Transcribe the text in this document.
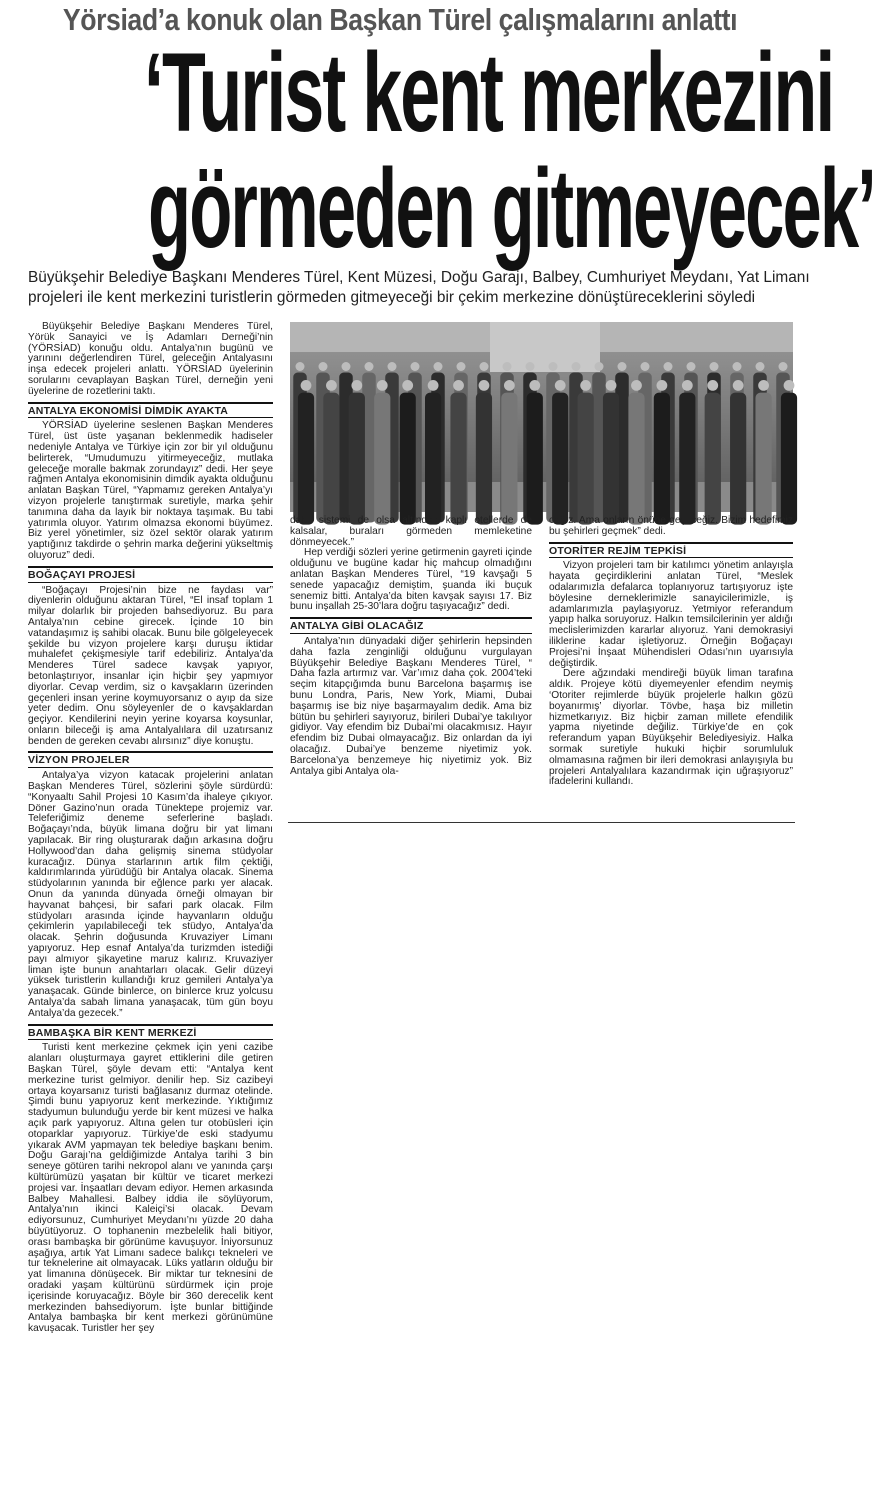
Yörsiad’a konuk olan Başkan Türel çalışmalarını anlattı
‘Turist kent merkezini
görmeden gitmeyecek’

Büyükşehir Belediye Başkanı Menderes Türel, Kent Müzesi, Doğu Garajı, Balbey, Cumhuriyet Meydanı, Yat Limanı

projeleri ile kent merkezini turistlerin görmeden gitmeyeceği bir çekim merkezine dönüştüreceklerini söyledi

Büyükşehir Belediye Başkanı Menderes Türel, Yörük Sanayici ve İş Adamları Derneği’nin (YÖRSİAD) konuğu oldu. Antalya’nın bugünü ve yarınını değerlendiren Türel, geleceğin Antalyasını inşa edecek projeleri anlattı. YÖRSİAD üyelerinin sorularını cevaplayan Başkan Türel, derneğin yeni üyelerine de rozetlerini taktı.

ANTALYA EKONOMİSİ DİMDİK AYAKTA

YÖRSİAD üyelerine seslenen Başkan Menderes Türel, üst üste yaşanan beklenmedik hadiseler nedeniyle Antalya ve Türkiye için zor bir yıl olduğunu belirterek, “Umudumuzu yitirmeyeceğiz, mutlaka geleceğe moralle bakmak zorundayız” dedi. Her şeye rağmen Antalya ekonomisinin dimdik ayakta olduğunu anlatan Başkan Türel, “Yapmamız gereken Antalya’yı vizyon projelerle tanıştırmak suretiyle, marka şehir tanımına daha da layık bir noktaya taşımak. Bu tabi yatırımla oluyor. Yatırım olmazsa ekonomi büyümez. Biz yerel yönetimler, siz özel sektör olarak yatırım yaptığınız takdirde o şehrin marka değerini yükseltmiş oluyoruz” dedi.

BOĞAÇAYI PROJESİ

“Boğaçayı Projesi’nin bize ne faydası var” diyenlerin olduğunu aktaran Türel, “El insaf toplam 1 milyar dolarlık bir projeden bahsediyoruz. Bu para Antalya’nın cebine girecek. İçinde 10 bin vatandaşımız iş sahibi olacak. Bunu bile gölgeleyecek şekilde bu vizyon projelere karşı duruşu iktidar muhalefet çekişmesiyle tarif edebiliriz. Antalya’da Menderes Türel sadece kavşak yapıyor, betonlaştırıyor, insanlar için hiçbir şey yapmıyor diyorlar. Cevap verdim, siz o kavşakların üzerinden geçenleri insan yerine koymuyorsanız o ayıp da size yeter dedim. Onu söyleyenler de o kavşaklardan geçiyor. Kendilerini neyin yerine koyarsa koysunlar, onların bileceği iş ama Antalyalılara dil uzatırsanız benden de gereken cevabı alırsınız” diye konuştu.

VİZYON PROJELER

Antalya’ya vizyon katacak projelerini anlatan Başkan Menderes Türel, sözlerini şöyle sürdürdü: “Konyaaltı Sahil Projesi 10 Kasım’da ihaleye çıkıyor. Döner Gazino’nun orada Tünektepe projemiz var. Teleferiğimiz deneme seferlerine başladı. Boğaçayı’nda, büyük limana doğru bir yat limanı yapılacak. Bir ring oluşturarak dağın arkasına doğru Hollywood’dan daha gelişmiş sinema stüdyolar kuracağız. Dünya starlarının artık film çektiği, kaldırımlarında yürüdüğü bir Antalya olacak. Sinema stüdyolarının yanında bir eğlence parkı yer alacak. Onun da yanında dünyada örneği olmayan bir hayvanat bahçesi, bir safari park olacak. Film stüdyoları arasında içinde hayvanların olduğu çekimlerin yapılabileceği tek stüdyo, Antalya’da olacak. Şehrin doğusunda Kruvaziyer Limanı yapıyoruz. Hep esnaf Antalya’da turizmden istediği payı almıyor şikayetine maruz kalırız. Kruvaziyer liman işte bunun anahtarları olacak. Gelir düzeyi yüksek turistlerin kullandığı kruz gemileri Antalya’ya yanaşacak. Günde binlerce, on binlerce kruz yolcusu Antalya’da sabah limana yanaşacak, tüm gün boyu Antalya’da gezecek.”

BAMBAŞKA BİR KENT MERKEZİ

Turisti kent merkezine çekmek için yeni cazibe alanları oluşturmaya gayret ettiklerini dile getiren Başkan Türel, şöyle devam etti: “Antalya kent merkezine turist gelmiyor. denilir hep. Siz cazibeyi ortaya koyarsanız turisti bağlasanız durmaz otelinde. Şimdi bunu yapıyoruz kent merkezinde. Yıktığımız stadyumun bulunduğu yerde bir kent müzesi ve halka açık park yapıyoruz. Altına gelen tur otobüsleri için otoparklar yapıyoruz. Türkiye’de eski stadyumu yıkarak AVM yapmayan tek belediye başkanı benim. Doğu Garajı’na geldiğimizde Antalya tarihi 3 bin seneye götüren tarihi nekropol alanı ve yanında çarşı kültürümüzü yaşatan bir kültür ve ticaret merkezi projesi var. İnşaatları devam ediyor. Hemen arkasında Balbey Mahallesi. Balbey iddia ile söylüyorum, Antalya’nın ikinci Kaleiçi’si olacak. Devam ediyorsunuz, Cumhuriyet Meydanı’nı yüzde 20 daha büyütüyoruz. O tophanenin mezbelelik hali bitiyor, orası bambaşka bir görünüme kavuşuyor. İniyorsunuz aşağıya, artık Yat Limanı sadece balıkçı tekneleri ve tur teknelerine ait olmayacak. Lüks yatların olduğu bir yat limanına dönüşecek. Bir miktar tur teknesini de oradaki yaşam kültürünü sürdürmek için proje içerisinde koruyacağız. Böyle bir 360 derecelik kent merkezinden bahsediyorum. İşte bunlar bittiğinde Antalya bambaşka bir kent merkezi görünümüne kavuşacak. Turistler her şey

dahil sistemi de olsa altından kaplı otellerde de kalsalar, buraları görmeden memleketine dönmeyecek.”

Hep verdiği sözleri yerine getirmenin gayreti içinde olduğunu ve bugüne kadar hiç mahcup olmadığını anlatan Başkan Menderes Türel, “19 kavşağı 5 senede yapacağız demiştim, şuanda iki buçuk senemiz bitti. Antalya’da biten kavşak sayısı 17. Biz bunu inşallah 25-30’lara doğru taşıyacağız” dedi.

ANTALYA GİBİ OLACAĞIZ

Antalya’nın dünyadaki diğer şehirlerin hepsinden daha fazla zenginliği olduğunu vurgulayan Büyükşehir Belediye Başkanı Menderes Türel, “ Daha fazla artırmız var. Var’ımız daha çok. 2004’teki seçim kitapçığımda bunu Barcelona başarmış ise bunu Londra, Paris, New York, Miami, Dubai başarmış ise biz niye başarmayalım dedik. Ama biz bütün bu şehirleri sayıyoruz, birileri Dubai’ye takılıyor gidiyor. Vay efendim biz Dubai’mi olacakmısız. Hayır efendim biz Dubai olmayacağız. Biz onlardan da iyi olacağız. Dubai’ye benzeme niyetimiz yok. Barcelona’ya benzemeye hiç niyetimiz yok. Biz Antalya gibi Antalya ola-

cağız. Ama onların önüne geçeceğiz. Bizim hedefimiz bu şehirleri geçmek” dedi.

OTORİTER REJİM TEPKİSİ

Vizyon projeleri tam bir katılımcı yönetim anlayışla hayata geçirdiklerini anlatan Türel, “Meslek odalarımızla defalarca toplanıyoruz tartışıyoruz işte böylesine derneklerimizle sanayicilerimizle, iş adamlarımızla paylaşıyoruz. Yetmiyor referandum yapıp halka soruyoruz. Halkın temsilcilerinin yer aldığı meclislerimizden kararlar alıyoruz. Yani demokrasiyi iliklerine kadar işletiyoruz. Örneğin Boğaçayı Projesi’ni İnşaat Mühendisleri Odası’nın uyarısıyla değiştirdik.

Dere ağzındaki mendireği büyük liman tarafına aldık. Projeye kötü diyemeyenler efendim neymiş ‘Otoriter rejimlerde büyük projelerle halkın gözü boyanırmış’ diyorlar. Tövbe, haşa biz milletin hizmetkarıyız. Biz hiçbir zaman millete efendilik yapma niyetinde değiliz. Türkiye’de en çok referandum yapan Büyükşehir Belediyesiyiz. Halka sormak suretiyle hukuki hiçbir sorumluluk olmamasına rağmen bir ileri demokrasi anlayışıyla bu projeleri Antalyalılara kazandırmak için uğraşıyoruz” ifadelerini kullandı.
